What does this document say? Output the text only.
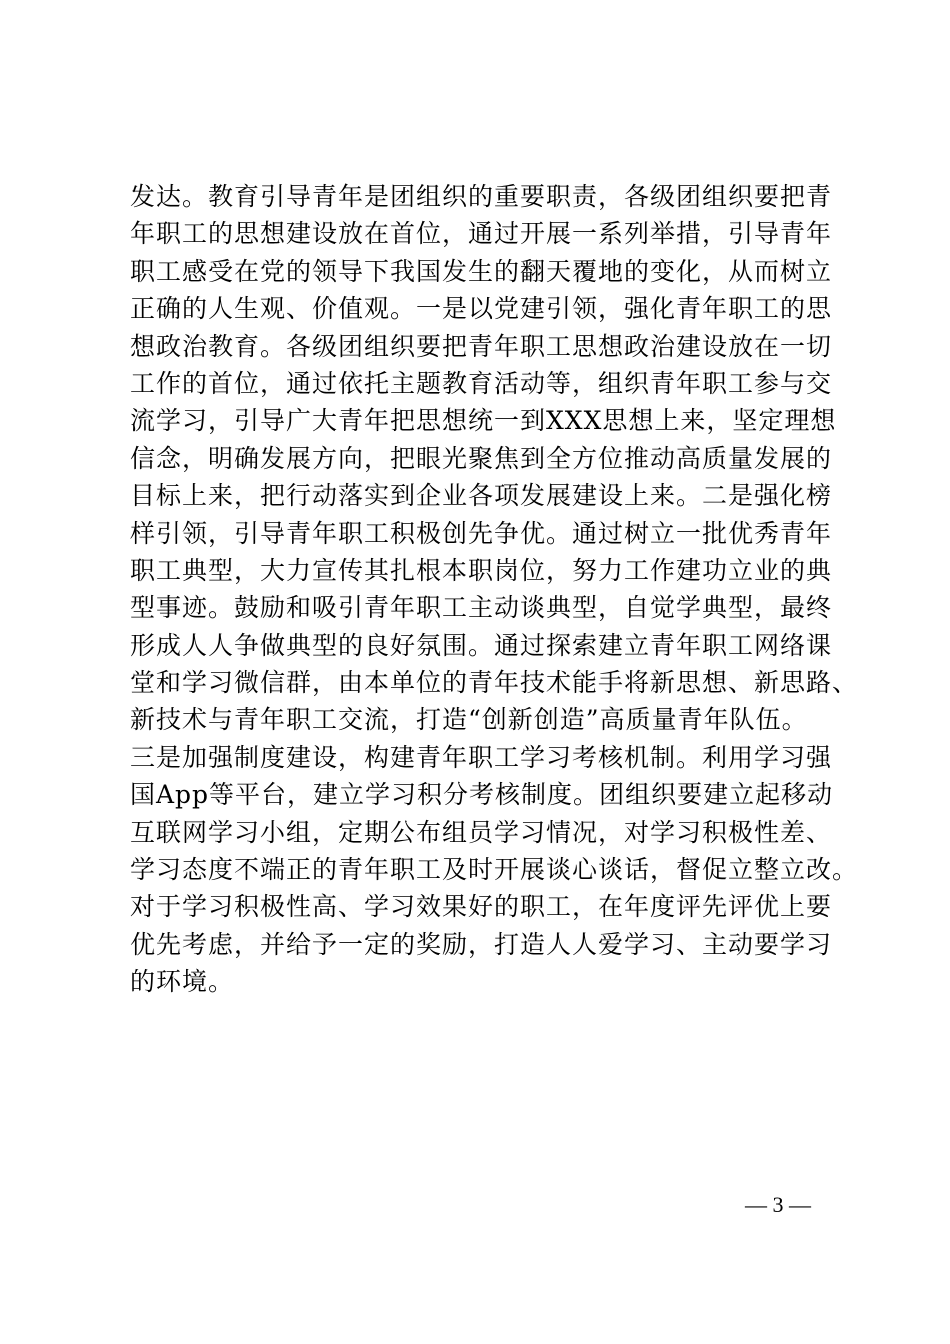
发达。教育引导青年是团组织的重要职责，各级团组织要把青
年职工的思想建设放在首位，通过开展一系列举措，引导青年
职工感受在党的领导下我国发生的翻天覆地的变化，从而树立
正确的人生观、价值观。一是以党建引领，强化青年职工的思
想政治教育。各级团组织要把青年职工思想政治建设放在一切
工作的首位，通过依托主题教育活动等，组织青年职工参与交
流学习，引导广大青年把思想统一到XXX思想上来，坚定理想
信念，明确发展方向，把眼光聚焦到全方位推动高质量发展的
目标上来，把行动落实到企业各项发展建设上来。二是强化榜
样引领，引导青年职工积极创先争优。通过树立一批优秀青年
职工典型，大力宣传其扎根本职岗位，努力工作建功立业的典
型事迹。鼓励和吸引青年职工主动谈典型，自觉学典型，最终
形成人人争做典型的良好氛围。通过探索建立青年职工网络课
堂和学习微信群，由本单位的青年技术能手将新思想、新思路、
新技术与青年职工交流，打造“创新创造”高质量青年队伍。
三是加强制度建设，构建青年职工学习考核机制。利用学习强
国App等平台，建立学习积分考核制度。团组织要建立起移动
互联网学习小组，定期公布组员学习情况，对学习积极性差、
学习态度不端正的青年职工及时开展谈心谈话，督促立整立改。
对于学习积极性高、学习效果好的职工，在年度评先评优上要
优先考虑，并给予一定的奖励，打造人人爱学习、主动要学习
的环境。
— 3 —
